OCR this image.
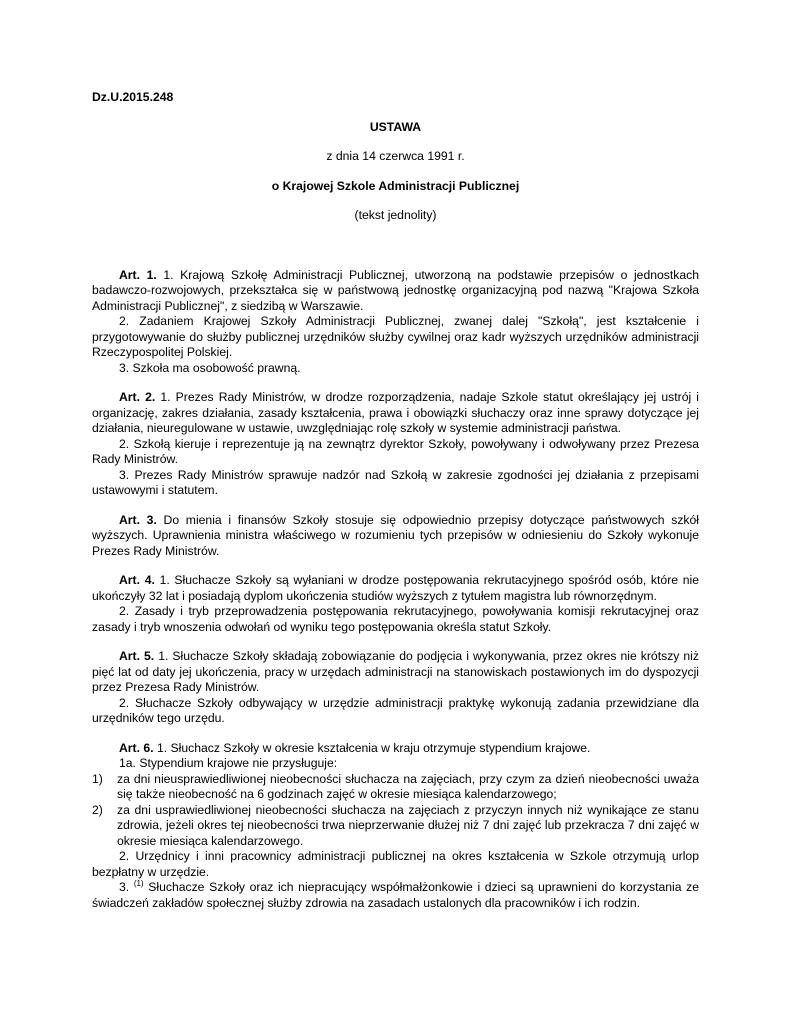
Dz.U.2015.248

USTAWA

z dnia 14 czerwca 1991 r.

o Krajowej Szkole Administracji Publicznej

(tekst jednolity)

Art. 1. 1. Krajową Szkołę Administracji Publicznej, utworzoną na podstawie przepisów o jednostkach badawczo-rozwojowych, przekształca się w państwową jednostkę organizacyjną pod nazwą "Krajowa Szkoła Administracji Publicznej", z siedzibą w Warszawie.

2. Zadaniem Krajowej Szkoły Administracji Publicznej, zwanej dalej "Szkołą", jest kształcenie i przygotowywanie do służby publicznej urzędników służby cywilnej oraz kadr wyższych urzędników administracji Rzeczypospolitej Polskiej.

3. Szkoła ma osobowość prawną.

Art. 2. 1. Prezes Rady Ministrów, w drodze rozporządzenia, nadaje Szkole statut określający jej ustrój i organizację, zakres działania, zasady kształcenia, prawa i obowiązki słuchaczy oraz inne sprawy dotyczące jej działania, nieuregulowane w ustawie, uwzględniając rolę szkoły w systemie administracji państwa.

2. Szkołą kieruje i reprezentuje ją na zewnątrz dyrektor Szkoły, powoływany i odwoływany przez Prezesa Rady Ministrów.

3. Prezes Rady Ministrów sprawuje nadzór nad Szkołą w zakresie zgodności jej działania z przepisami ustawowymi i statutem.

Art. 3. Do mienia i finansów Szkoły stosuje się odpowiednio przepisy dotyczące państwowych szkół wyższych. Uprawnienia ministra właściwego w rozumieniu tych przepisów w odniesieniu do Szkoły wykonuje Prezes Rady Ministrów.

Art. 4. 1. Słuchacze Szkoły są wyłaniani w drodze postępowania rekrutacyjnego spośród osób, które nie ukończyły 32 lat i posiadają dyplom ukończenia studiów wyższych z tytułem magistra lub równorzędnym.

2. Zasady i tryb przeprowadzenia postępowania rekrutacyjnego, powoływania komisji rekrutacyjnej oraz zasady i tryb wnoszenia odwołań od wyniku tego postępowania określa statut Szkoły.

Art. 5. 1. Słuchacze Szkoły składają zobowiązanie do podjęcia i wykonywania, przez okres nie krótszy niż pięć lat od daty jej ukończenia, pracy w urzędach administracji na stanowiskach postawionych im do dyspozycji przez Prezesa Rady Ministrów.

2. Słuchacze Szkoły odbywający w urzędzie administracji praktykę wykonują zadania przewidziane dla urzędników tego urzędu.

Art. 6. 1. Słuchacz Szkoły w okresie kształcenia w kraju otrzymuje stypendium krajowe.

1a. Stypendium krajowe nie przysługuje:

1) za dni nieusprawiedliwionej nieobecności słuchacza na zajęciach, przy czym za dzień nieobecności uważa się także nieobecność na 6 godzinach zajęć w okresie miesiąca kalendarzowego;
2) za dni usprawiedliwionej nieobecności słuchacza na zajęciach z przyczyn innych niż wynikające ze stanu zdrowia, jeżeli okres tej nieobecności trwa nieprzerwanie dłużej niż 7 dni zajęć lub przekracza 7 dni zajęć w okresie miesiąca kalendarzowego.

2. Urzędnicy i inni pracownicy administracji publicznej na okres kształcenia w Szkole otrzymują urlop bezpłatny w urzędzie.

3. $^{(1)}$ Słuchacze Szkoły oraz ich niepracujący współmałżonkowie i dzieci są uprawnieni do korzystania ze świadczeń zakładów społecznej służby zdrowia na zasadach ustalonych dla pracowników i ich rodzin.
